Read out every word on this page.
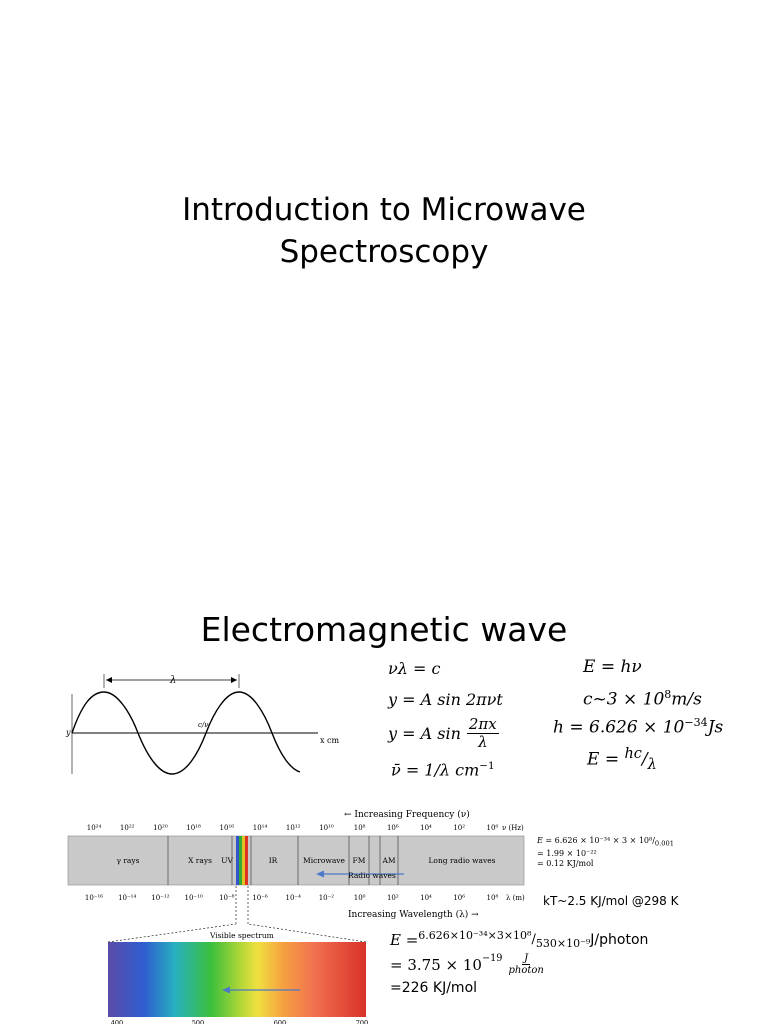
Introduction to Microwave
Spectroscopy
Electromagnetic wave
λ
y
c/ν
x cm
νλ = c
y = A sin 2πνt
y = A $\sin \frac{2\pi x}{\lambda}$
ν̄ = 1/λ $cm^{-1}$
E = hν
c~3 × $10^8m/s$
$h = 6.626 \times 10^{-34}Js$
$E = ^{hc}/_\lambda$
← Increasing Frequency (ν)
10²⁴	10²²	10²⁰	10¹⁸	10¹⁶	10¹⁴	10¹²	10¹⁰	10⁸	10⁶	10⁴	10²	10⁰ ν (Hz)
γ rays	X rays UV	IR	Microwave FM AM	Long radio waves
Radio waves
10⁻¹⁶ 10⁻¹⁴ 10⁻¹² 10⁻¹⁰ 10⁻⁸	10⁻⁶	10⁻⁴	10⁻²	10⁰	10²	10⁴	10⁶	10⁸ λ (m)
Increasing Wavelength (λ) →
Visible spectrum
400	500	600	700
$E = 6.626 \times 10^{-34} \times 3 \times 10^8/_{0.001}$
= 1.99 × 10⁻²²
= 0.12 KJ/mol
kT~2.5 KJ/mol @298 K
E = 6.626×10⁻³⁴×3×10⁸ / 530×10⁻⁹ J/photon
= $3.75 \times 10^{-19} \frac{J}{\text{photon}}$
=226 KJ/mol
